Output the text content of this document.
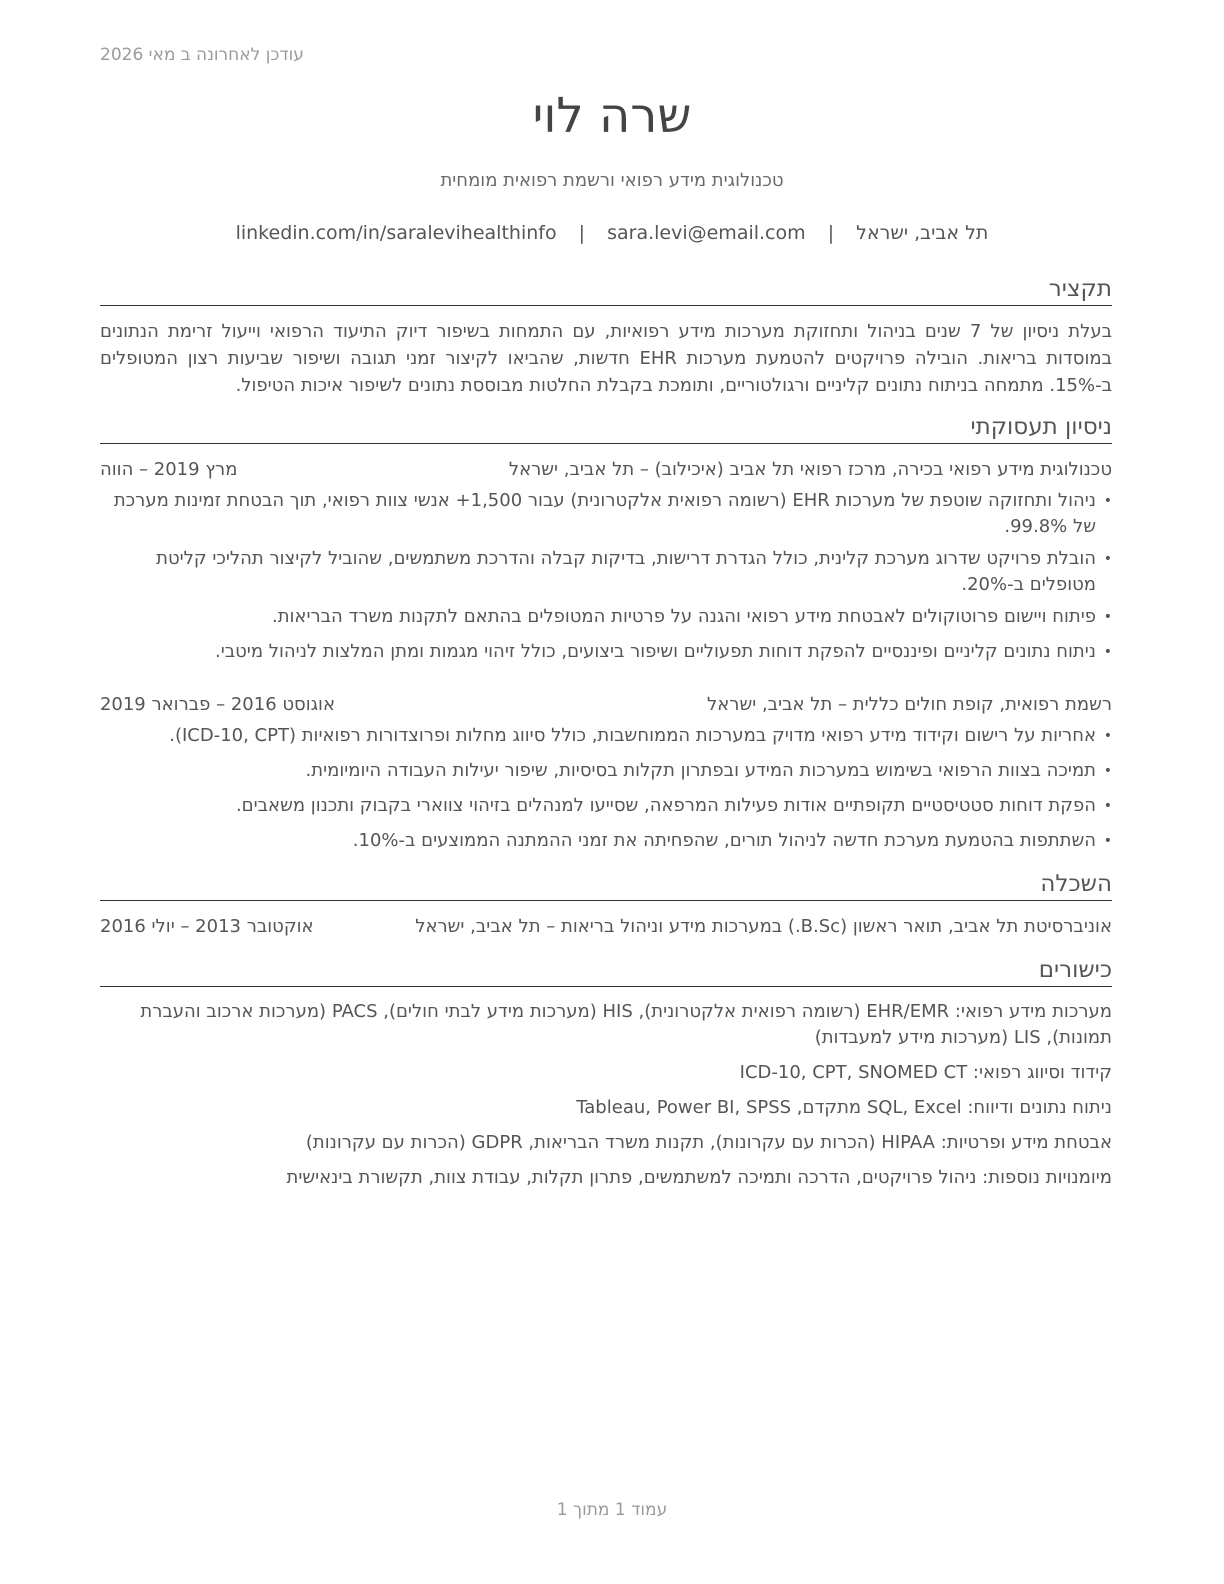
עודכן לאחרונה ב מאי 2026
שרה לוי
טכנולוגית מידע רפואי ורשמת רפואית מומחית
תל אביב, ישראל | sara.levi@email.com | linkedin.com/in/saralevihealthinfo
תקציר

בעלת ניסיון של 7 שנים בניהול ותחזוקת מערכות מידע רפואיות, עם התמחות בשיפור דיוק התיעוד הרפואי וייעול זרימת הנתונים במוסדות בריאות. הובילה פרויקטים להטמעת מערכות EHR חדשות, שהביאו לקיצור זמני תגובה ושיפור שביעות רצון המטופלים ב-15%. מתמחה בניתוח נתונים קליניים ורגולטוריים, ותומכת בקבלת החלטות מבוססת נתונים לשיפור איכות הטיפול.

ניסיון תעסוקתי
טכנולוגית מידע רפואי בכירה, מרכז רפואי תל אביב (איכילוב) – תל אביב, ישראל
מרץ 2019 – הווה
• ניהול ותחזוקה שוטפת של מערכות EHR (רשומה רפואית אלקטרונית) עבור 1,500+ אנשי צוות רפואי, תוך הבטחת זמינות מערכת של 99.8%.
• הובלת פרויקט שדרוג מערכת קלינית, כולל הגדרת דרישות, בדיקות קבלה והדרכת משתמשים, שהוביל לקיצור תהליכי קליטת מטופלים ב-20%.
• פיתוח ויישום פרוטוקולים לאבטחת מידע רפואי והגנה על פרטיות המטופלים בהתאם לתקנות משרד הבריאות.
• ניתוח נתונים קליניים ופיננסיים להפקת דוחות תפעוליים ושיפור ביצועים, כולל זיהוי מגמות ומתן המלצות לניהול מיטבי.
רשמת רפואית, קופת חולים כללית – תל אביב, ישראל
אוגוסט 2016 – פברואר 2019
• אחריות על רישום וקידוד מידע רפואי מדויק במערכות הממוחשבות, כולל סיווג מחלות ופרוצדורות רפואיות (ICD-10, CPT).
• תמיכה בצוות הרפואי בשימוש במערכות המידע ובפתרון תקלות בסיסיות, שיפור יעילות העבודה היומיומית.
• הפקת דוחות סטטיסטיים תקופתיים אודות פעילות המרפאה, שסייעו למנהלים בזיהוי צווארי בקבוק ותכנון משאבים.
• השתתפות בהטמעת מערכת חדשה לניהול תורים, שהפחיתה את זמני ההמתנה הממוצעים ב-10%.
השכלה
אוניברסיטת תל אביב, תואר ראשון (B.Sc.) במערכות מידע וניהול בריאות – תל אביב, ישראל
אוקטובר 2013 – יולי 2016
כישורים

מערכות מידע רפואי: EHR/EMR (רשומה רפואית אלקטרונית), HIS (מערכות מידע לבתי חולים), PACS (מערכות ארכוב והעברת תמונות), LIS (מערכות מידע למעבדות)

קידוד וסיווג רפואי: ICD-10, CPT, SNOMED CT

ניתוח נתונים ודיווח: SQL, Excel מתקדם, Tableau, Power BI, SPSS

אבטחת מידע ופרטיות: HIPAA (הכרות עם עקרונות), תקנות משרד הבריאות, GDPR (הכרות עם עקרונות)

מיומנויות נוספות: ניהול פרויקטים, הדרכה ותמיכה למשתמשים, פתרון תקלות, עבודת צוות, תקשורת בינאישית

עמוד 1 מתוך 1
